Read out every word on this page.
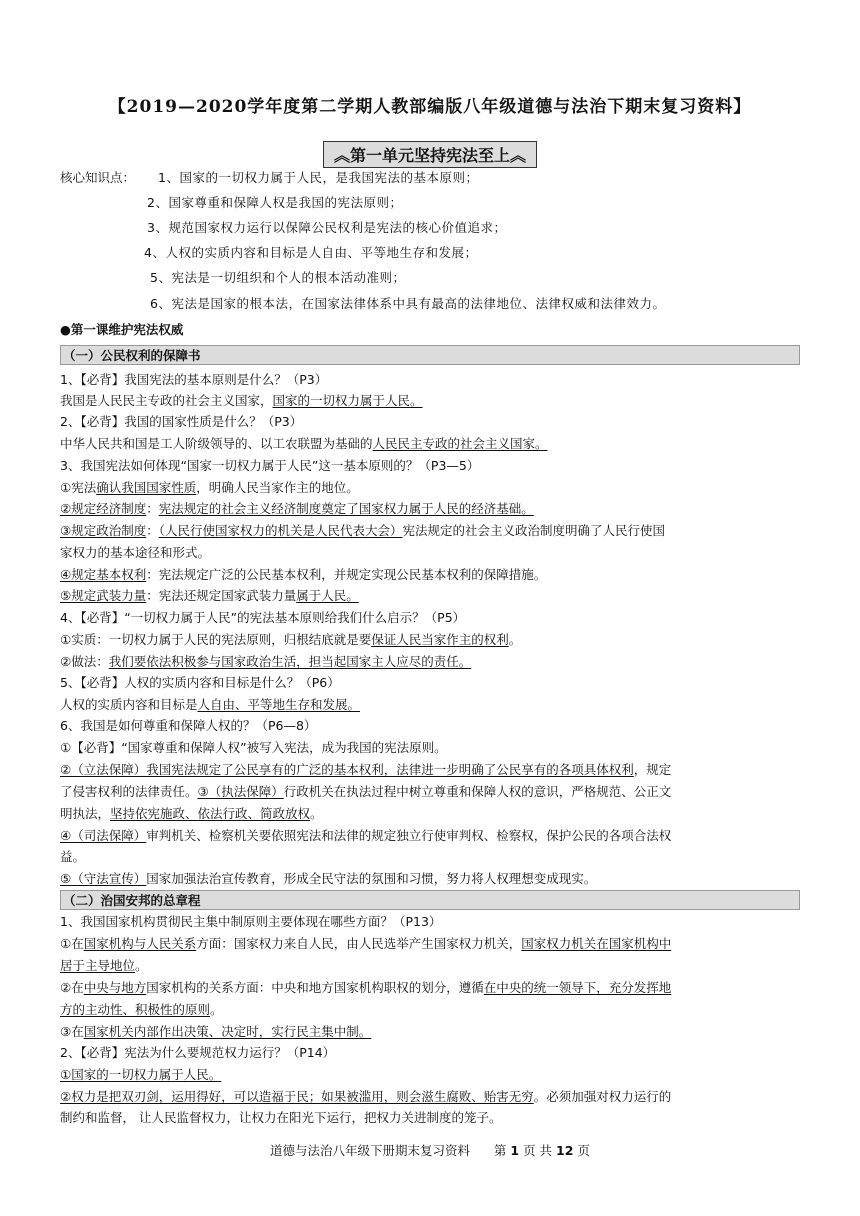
【2019—2020学年度第二学期人教部编版八年级道德与法治下期末复习资料】
︽第一单元坚持宪法至上︽
核心知识点： 1、国家的一切权力属于人民，是我国宪法的基本原则；
2、国家尊重和保障人权是我国的宪法原则；
3、规范国家权力运行以保障公民权利是宪法的核心价值追求；
4、人权的实质内容和目标是人自由、平等地生存和发展；
5、宪法是一切组织和个人的根本活动准则；
6、宪法是国家的根本法，在国家法律体系中具有最高的法律地位、法律权威和法律效力。
●第一课维护宪法权威
（一）公民权利的保障书
1、【必背】我国宪法的基本原则是什么？（P3）
我国是人民民主专政的社会主义国家，国家的一切权力属于人民。
2、【必背】我国的国家性质是什么？（P3）
中华人民共和国是工人阶级领导的、以工农联盟为基础的人民民主专政的社会主义国家。
3、我国宪法如何体现“国家一切权力属于人民”这一基本原则的？（P3—5）
①宪法确认我国国家性质，明确人民当家作主的地位。
②规定经济制度：宪法规定的社会主义经济制度奠定了国家权力属于人民的经济基础。
③规定政治制度：（人民行使国家权力的机关是人民代表大会）宪法规定的社会主义政治制度明确了人民行使国
家权力的基本途径和形式。
④规定基本权利：宪法规定广泛的公民基本权利，并规定实现公民基本权利的保障措施。
⑤规定武装力量：宪法还规定国家武装力量属于人民。
4、【必背】“一切权力属于人民”的宪法基本原则给我们什么启示？（P5）
①实质：一切权力属于人民的宪法原则，归根结底就是要保证人民当家作主的权利。
②做法：我们要依法积极参与国家政治生活，担当起国家主人应尽的责任。
5、【必背】人权的实质内容和目标是什么？（P6）
人权的实质内容和目标是人自由、平等地生存和发展。
6、我国是如何尊重和保障人权的？（P6—8）
①【必背】“国家尊重和保障人权”被写入宪法，成为我国的宪法原则。
②（立法保障）我国宪法规定了公民享有的广泛的基本权利，法律进一步明确了公民享有的各项具体权利，规定
了侵害权利的法律责任。③（执法保障）行政机关在执法过程中树立尊重和保障人权的意识，严格规范、公正文
明执法，坚持依宪施政、依法行政、简政放权。
④（司法保障）审判机关、检察机关要依照宪法和法律的规定独立行使审判权、检察权，保护公民的各项合法权
益。
⑤（守法宣传）国家加强法治宣传教育，形成全民守法的氛围和习惯，努力将人权理想变成现实。
（二）治国安邦的总章程
1、我国国家机构贯彻民主集中制原则主要体现在哪些方面？（P13）
①在国家机构与人民关系方面：国家权力来自人民，由人民选举产生国家权力机关，国家权力机关在国家机构中
居于主导地位。
②在中央与地方国家机构的关系方面：中央和地方国家机构职权的划分，遵循在中央的统一领导下，充分发挥地
方的主动性、积极性的原则。
③在国家机关内部作出决策、决定时，实行民主集中制。
2、【必背】宪法为什么要规范权力运行？（P14）
①国家的一切权力属于人民。
②权力是把双刃剑，运用得好，可以造福于民；如果被滥用，则会滋生腐败、贻害无穷。必须加强对权力运行的
制约和监督， 让人民监督权力，让权力在阳光下运行，把权力关进制度的笼子。
道德与法治八年级下册期末复习资料 第 1 页 共 12 页
